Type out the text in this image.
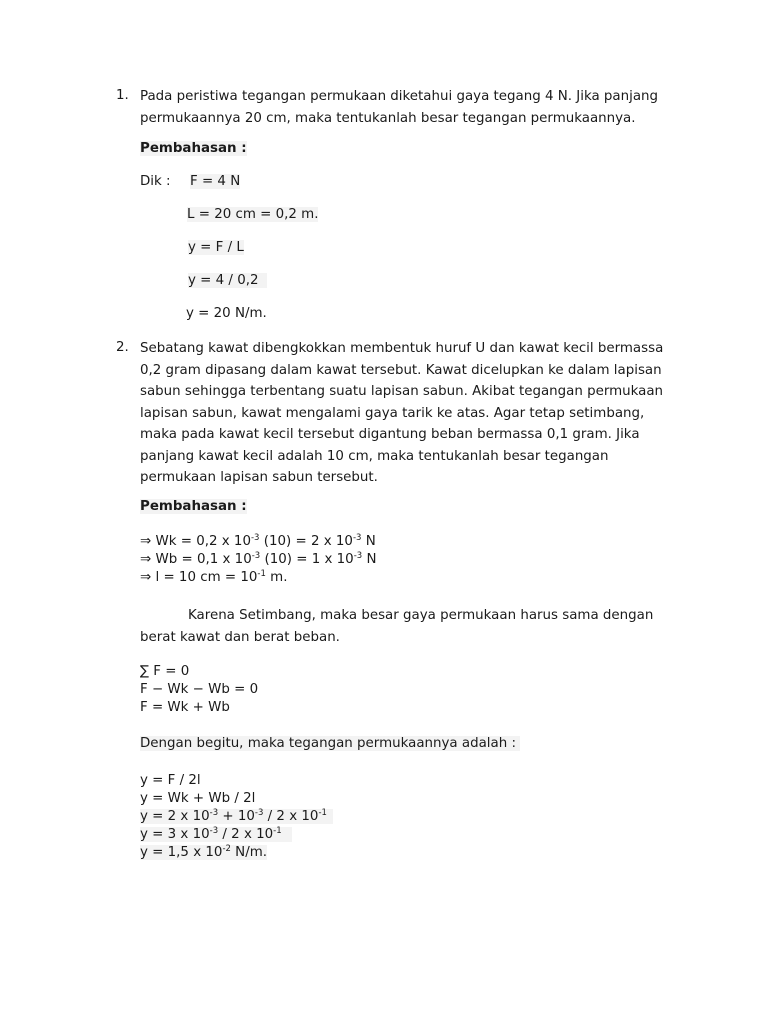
1. Pada peristiwa tegangan permukaan diketahui gaya tegang 4 N. Jika panjang permukaannya 20 cm, maka tentukanlah besar tegangan permukaannya.
Pembahasan :
Dik : F = 4 N
L = 20 cm = 0,2 m.
y = F / L
y = 4 / 0,2
y = 20 N/m.
2. Sebatang kawat dibengkokkan membentuk huruf U dan kawat kecil bermassa 0,2 gram dipasang dalam kawat tersebut. Kawat dicelupkan ke dalam lapisan sabun sehingga terbentang suatu lapisan sabun. Akibat tegangan permukaan lapisan sabun, kawat mengalami gaya tarik ke atas. Agar tetap setimbang, maka pada kawat kecil tersebut digantung beban bermassa 0,1 gram. Jika panjang kawat kecil adalah 10 cm, maka tentukanlah besar tegangan permukaan lapisan sabun tersebut.
Pembahasan :
⇒ Wk = 0,2 x $10^{-3}$ (10) = 2 x $10^{-3}$ N
⇒ Wb = 0,1 x $10^{-3}$ (10) = 1 x $10^{-3}$ N
⇒ l = 10 cm = $10^{-1}$ m.
Karena Setimbang, maka besar gaya permukaan harus sama dengan berat kawat dan berat beban.
∑ F = 0
F − Wk − Wb = 0
F = Wk + Wb
Dengan begitu, maka tegangan permukaannya adalah :
y = F / 2l
y = Wk + Wb / 2l
y = 2 x $10^{-3} + 10^{-3} / 2$ x $10^{-1}$
y = 3 x $10^{-3} / 2$ x $10^{-1}$
y = 1,5 x $10^{-2}$ N/m.
